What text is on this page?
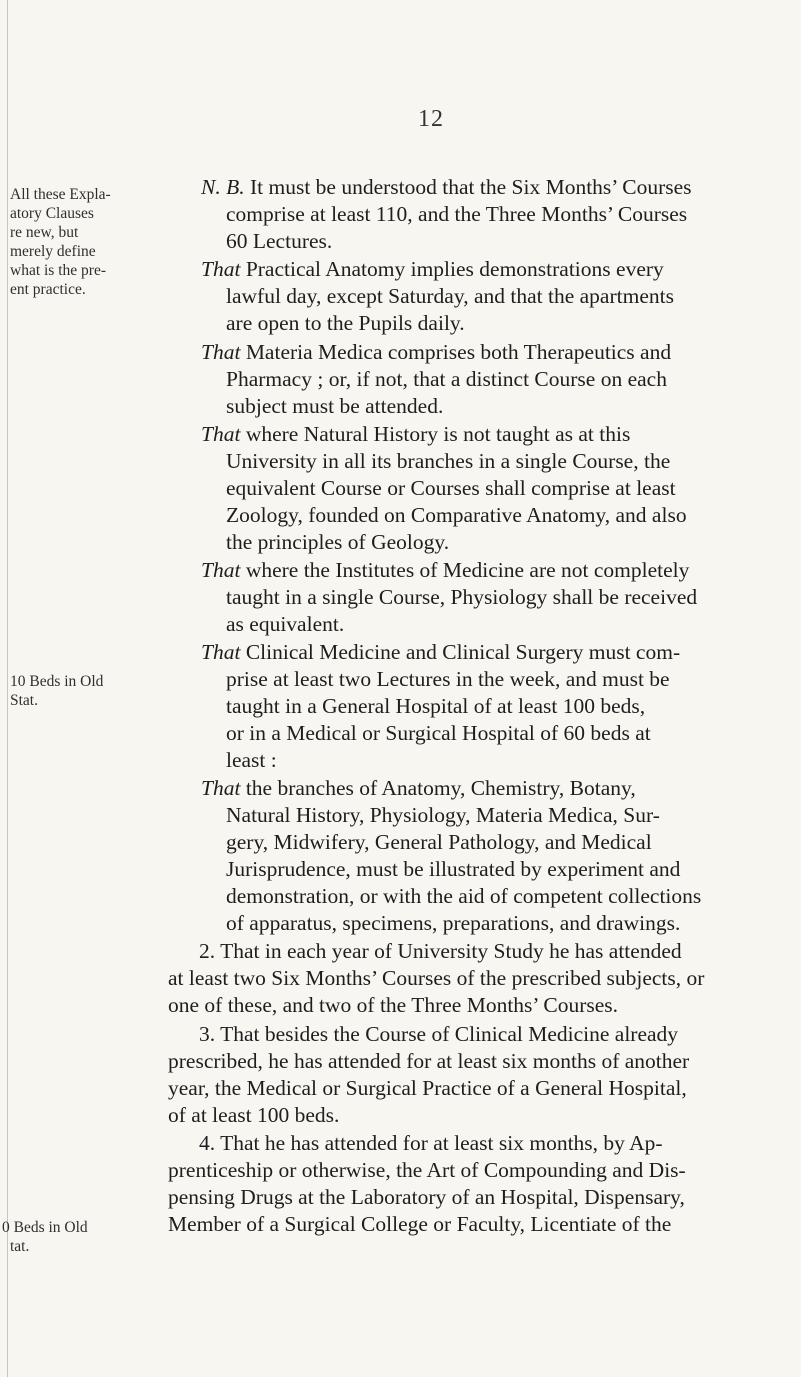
12
All these Expla-
atory Clauses
re new, but
merely define
what is the pre-
ent practice.
10 Beds in Old
Stat.
0 Beds in Old
tat.
N. B. It must be understood that the Six Months’ Courses
comprise at least 110, and the Three Months’ Courses
60 Lectures.
That Practical Anatomy implies demonstrations every
lawful day, except Saturday, and that the apartments
are open to the Pupils daily.
That Materia Medica comprises both Therapeutics and
Pharmacy ; or, if not, that a distinct Course on each
subject must be attended.
That where Natural History is not taught as at this
University in all its branches in a single Course, the
equivalent Course or Courses shall comprise at least
Zoology, founded on Comparative Anatomy, and also
the principles of Geology.
That where the Institutes of Medicine are not completely
taught in a single Course, Physiology shall be received
as equivalent.
That Clinical Medicine and Clinical Surgery must com-
prise at least two Lectures in the week, and must be
taught in a General Hospital of at least 100 beds,
or in a Medical or Surgical Hospital of 60 beds at
least :
That the branches of Anatomy, Chemistry, Botany,
Natural History, Physiology, Materia Medica, Sur-
gery, Midwifery, General Pathology, and Medical
Jurisprudence, must be illustrated by experiment and
demonstration, or with the aid of competent collections
of apparatus, specimens, preparations, and drawings.
2. That in each year of University Study he has attended
at least two Six Months’ Courses of the prescribed subjects, or
one of these, and two of the Three Months’ Courses.
3. That besides the Course of Clinical Medicine already
prescribed, he has attended for at least six months of another
year, the Medical or Surgical Practice of a General Hospital,
of at least 100 beds.
4. That he has attended for at least six months, by Ap-
prenticeship or otherwise, the Art of Compounding and Dis-
pensing Drugs at the Laboratory of an Hospital, Dispensary,
Member of a Surgical College or Faculty, Licentiate of the
